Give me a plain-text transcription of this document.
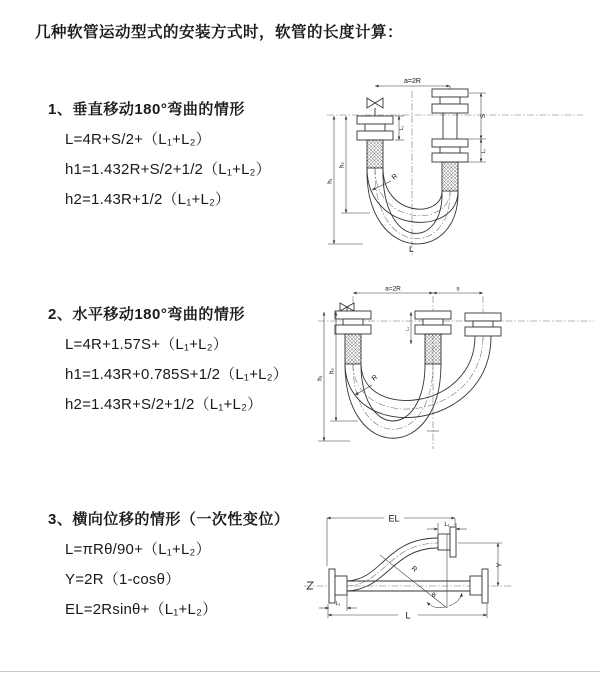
几种软管运动型式的安装方式时，软管的长度计算：
1、垂直移动180°弯曲的情形
L=4R+S/2+（L₁+L₂）
h1=1.432R+S/2+1/2（L₁+L₂）
h2=1.43R+1/2（L₁+L₂）
a=2R
h₁
h₂
S
L₁
L₁
R
L
2、水平移动180°弯曲的情形
L=4R+1.57S+（L₁+L₂）
h1=1.43R+0.785S+1/2（L₁+L₂）
h2=1.43R+S/2+1/2（L₁+L₂）
a=2R	s
h₁
h₂
L₁
R
3、横向位移的情形（一次性变位）
L=πRθ/90+（L₁+L₂）
Y=2R（1-cosθ）
EL=2Rsinθ+（L₁+L₂）
EL
L₁
Y
R
θ
L
L₁
